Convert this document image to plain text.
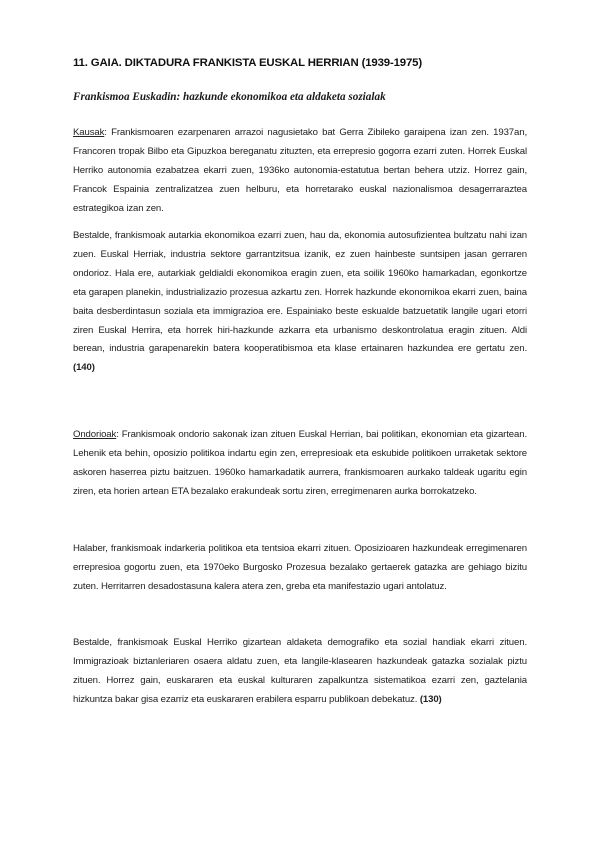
11. GAIA. DIKTADURA FRANKISTA EUSKAL HERRIAN (1939-1975)
Frankismoa Euskadin: hazkunde ekonomikoa eta aldaketa sozialak

Kausak: Frankismoaren ezarpenaren arrazoi nagusietako bat Gerra Zibileko garaipena izan zen. 1937an, Francoren tropak Bilbo eta Gipuzkoa bereganatu zituzten, eta errepresio gogorra ezarri zuten. Horrek Euskal Herriko autonomia ezabatzea ekarri zuen, 1936ko autonomia-estatutua bertan behera utziz. Horrez gain, Francok Espainia zentralizatzea zuen helburu, eta horretarako euskal nazionalismoa desagerraraztea estrategikoa izan zen.

Bestalde, frankismoak autarkia ekonomikoa ezarri zuen, hau da, ekonomia autosufizientea bultzatu nahi izan zuen. Euskal Herriak, industria sektore garrantzitsua izanik, ez zuen hainbeste suntsipen jasan gerraren ondorioz. Hala ere, autarkiak geldialdi ekonomikoa eragin zuen, eta soilik 1960ko hamarkadan, egonkortze eta garapen planekin, industrializazio prozesua azkartu zen. Horrek hazkunde ekonomikoa ekarri zuen, baina baita desberdintasun soziala eta immigrazioa ere. Espainiako beste eskualde batzuetatik langile ugari etorri ziren Euskal Herrira, eta horrek hiri-hazkunde azkarra eta urbanismo deskontrolatua eragin zituen. Aldi berean, industria garapenarekin batera kooperatibismoa eta klase ertainaren hazkundea ere gertatu zen. (140)

Ondorioak: Frankismoak ondorio sakonak izan zituen Euskal Herrian, bai politikan, ekonomian eta gizartean. Lehenik eta behin, oposizio politikoa indartu egin zen, errepresioak eta eskubide politikoen urraketak sektore askoren haserrea piztu baitzuen. 1960ko hamarkadatik aurrera, frankismoaren aurkako taldeak ugaritu egin ziren, eta horien artean ETA bezalako erakundeak sortu ziren, erregimenaren aurka borrokatzeko.

Halaber, frankismoak indarkeria politikoa eta tentsioa ekarri zituen. Oposizioaren hazkundeak erregimenaren errepresioa gogortu zuen, eta 1970eko Burgosko Prozesua bezalako gertaerek gatazka are gehiago bizitu zuten. Herritarren desadostasuna kalera atera zen, greba eta manifestazio ugari antolatuz.

Bestalde, frankismoak Euskal Herriko gizartean aldaketa demografiko eta sozial handiak ekarri zituen. Immigrazioak biztanleriaren osaera aldatu zuen, eta langile-klasearen hazkundeak gatazka sozialak piztu zituen. Horrez gain, euskararen eta euskal kulturaren zapalkuntza sistematikoa ezarri zen, gaztelania hizkuntza bakar gisa ezarriz eta euskararen erabilera esparru publikoan debekatuz. (130)
